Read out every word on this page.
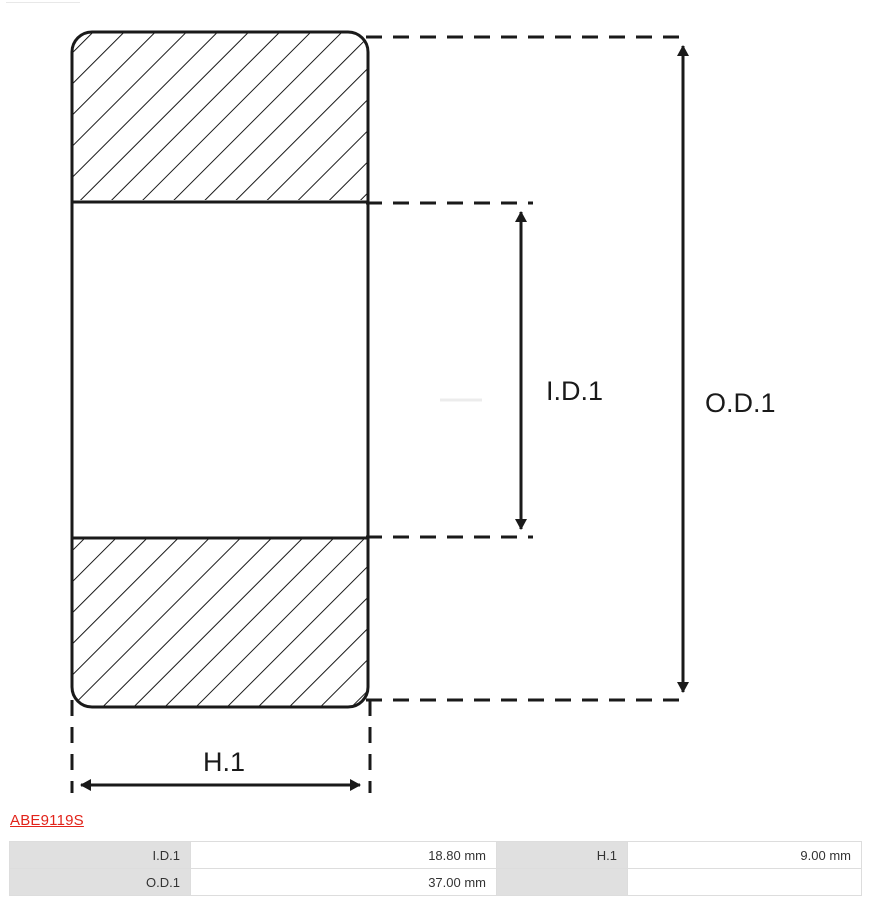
O.D.1
I.D.1
H.1
ABE9119S
I.D.1	18.80 mm	H.1	9.00 mm
O.D.1	37.00 mm		
